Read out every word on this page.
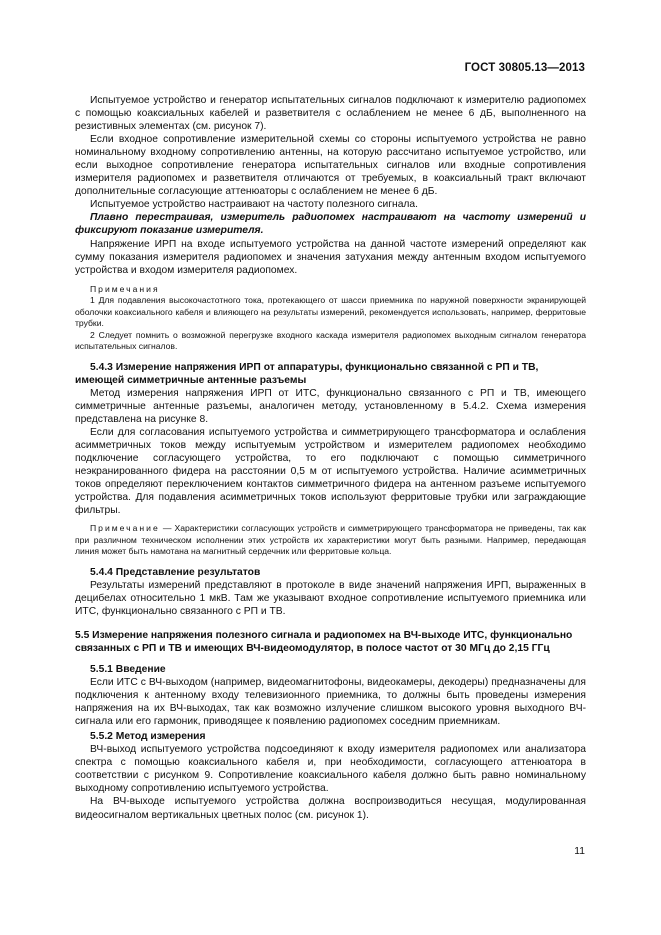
ГОСТ 30805.13—2013

Испытуемое устройство и генератор испытательных сигналов подключают к измерителю радиопомех с помощью коаксиальных кабелей и разветвителя с ослаблением не менее 6 дБ, выполненного на резистивных элементах (см. рисунок 7).

Если входное сопротивление измерительной схемы со стороны испытуемого устройства не равно номинальному входному сопротивлению антенны, на которую рассчитано испытуемое устройство, или если выходное сопротивление генератора испытательных сигналов или входные сопротивления измерителя радиопомех и разветвителя отличаются от требуемых, в коаксиальный тракт включают дополнительные согласующие аттенюаторы с ослаблением не менее 6 дБ.

Испытуемое устройство настраивают на частоту полезного сигнала.

Плавно перестраивая, измеритель радиопомех настраивают на частоту измерений и фиксируют показание измерителя.

Напряжение ИРП на входе испытуемого устройства на данной частоте измерений определяют как сумму показания измерителя радиопомех и значения затухания между антенным входом испытуемого устройства и входом измерителя радиопомех.

Примечания
1 Для подавления высокочастотного тока, протекающего от шасси приемника по наружной поверхности экранирующей оболочки коаксиального кабеля и влияющего на результаты измерений, рекомендуется использовать, например, ферритовые трубки.
2 Следует помнить о возможной перегрузке входного каскада измерителя радиопомех выходным сигналом генератора испытательных сигналов.
5.4.3 Измерение напряжения ИРП от аппаратуры, функционально связанной с РП и ТВ, имеющей симметричные антенные разъемы

Метод измерения напряжения ИРП от ИТС, функционально связанного с РП и ТВ, имеющего симметричные антенные разъемы, аналогичен методу, установленному в 5.4.2. Схема измерения представлена на рисунке 8.

Если для согласования испытуемого устройства и симметрирующего трансформатора и ослабления асимметричных токов между испытуемым устройством и измерителем радиопомех необходимо подключение согласующего устройства, то его подключают с помощью симметричного неэкранированного фидера на расстоянии 0,5 м от испытуемого устройства. Наличие асимметричных токов определяют переключением контактов симметричного фидера на антенном разъеме испытуемого устройства. Для подавления асимметричных токов используют ферритовые трубки или заграждающие фильтры.

Примечание — Характеристики согласующих устройств и симметрирующего трансформатора не приведены, так как при различном техническом исполнении этих устройств их характеристики могут быть разными. Например, передающая линия может быть намотана на магнитный сердечник или ферритовые кольца.
5.4.4 Представление результатов

Результаты измерений представляют в протоколе в виде значений напряжения ИРП, выраженных в децибелах относительно 1 мкВ. Там же указывают входное сопротивление испытуемого приемника или ИТС, функционально связанного с РП и ТВ.

5.5 Измерение напряжения полезного сигнала и радиопомех на ВЧ-выходе ИТС, функционально связанных с РП и ТВ и имеющих ВЧ-видеомодулятор, в полосе частот от 30 МГц до 2,15 ГГц
5.5.1 Введение

Если ИТС с ВЧ-выходом (например, видеомагнитофоны, видеокамеры, декодеры) предназначены для подключения к антенному входу телевизионного приемника, то должны быть проведены измерения напряжения на их ВЧ-выходах, так как возможно излучение слишком высокого уровня выходного ВЧ-сигнала или его гармоник, приводящее к появлению радиопомех соседним приемникам.

5.5.2 Метод измерения

ВЧ-выход испытуемого устройства подсоединяют к входу измерителя радиопомех или анализатора спектра с помощью коаксиального кабеля и, при необходимости, согласующего аттенюатора в соответствии с рисунком 9. Сопротивление коаксиального кабеля должно быть равно номинальному выходному сопротивлению испытуемого устройства.

На ВЧ-выходе испытуемого устройства должна воспроизводиться несущая, модулированная видеосигналом вертикальных цветных полос (см. рисунок 1).

11
